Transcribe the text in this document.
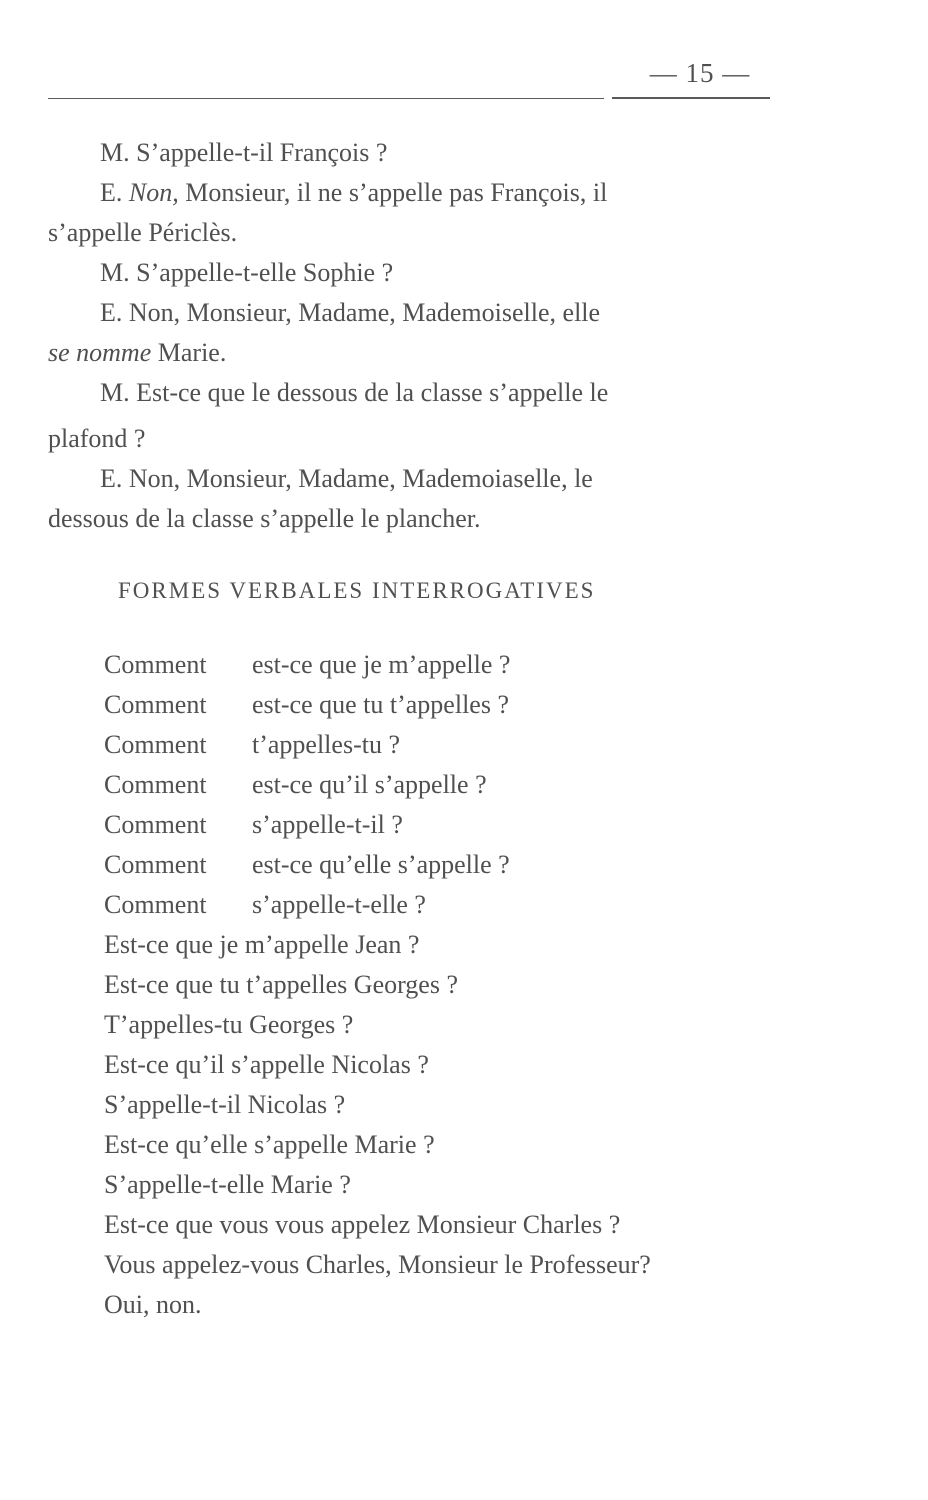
— 15 —
M. S’appelle-t-il François ?
E. Non, Monsieur, il ne s’appelle pas François, il
s’appelle Périclès.
M. S’appelle-t-elle Sophie ?
E. Non, Monsieur, Madame, Mademoiselle, elle
se nomme Marie.
M. Est-ce que le dessous de la classe s’appelle le
plafond ?
E. Non, Monsieur, Madame, Mademoiaselle, le
dessous de la classe s’appelle le plancher.
FORMES VERBALES INTERROGATIVES
Comment est-ce que je m’appelle ?
Comment est-ce que tu t’appelles ?
Comment t’appelles-tu ?
Comment est-ce qu’il s’appelle ?
Comment s’appelle-t-il ?
Comment est-ce qu’elle s’appelle ?
Comment s’appelle-t-elle ?
Est-ce que je m’appelle Jean ?
Est-ce que tu t’appelles Georges ?
T’appelles-tu Georges ?
Est-ce qu’il s’appelle Nicolas ?
S’appelle-t-il Nicolas ?
Est-ce qu’elle s’appelle Marie ?
S’appelle-t-elle Marie ?
Est-ce que vous vous appelez Monsieur Charles ?
Vous appelez-vous Charles, Monsieur le Professeur?
Oui, non.
